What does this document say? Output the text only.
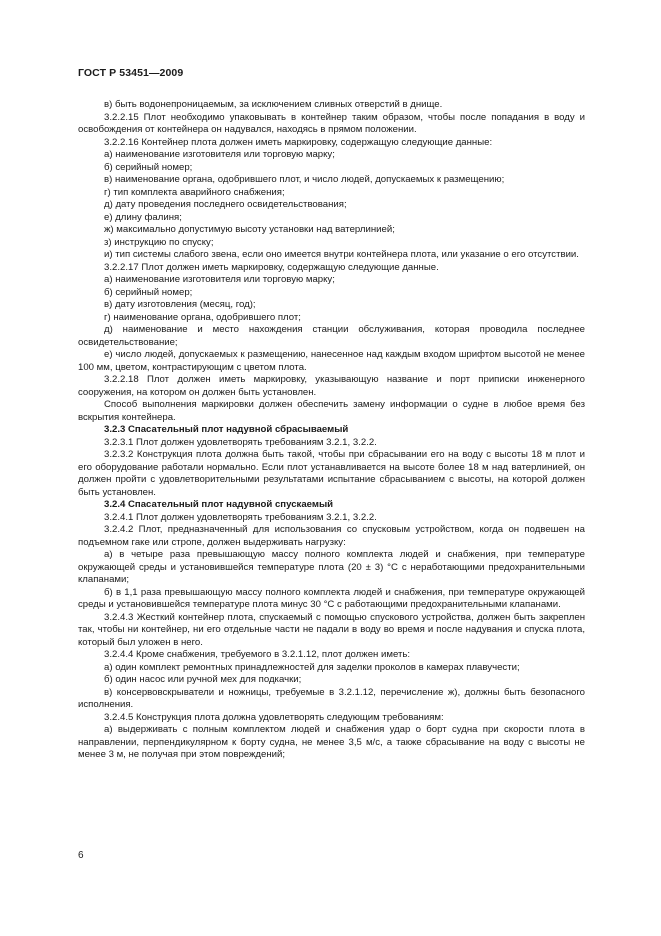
ГОСТ Р 53451—2009

в) быть водонепроницаемым, за исключением сливных отверстий в днище.

3.2.2.15 Плот необходимо упаковывать в контейнер таким образом, чтобы после попадания в воду и освобождения от контейнера он надувался, находясь в прямом положении.

3.2.2.16 Контейнер плота должен иметь маркировку, содержащую следующие данные:

а) наименование изготовителя или торговую марку;

б) серийный номер;

в) наименование органа, одобрившего плот, и число людей, допускаемых к размещению;

г) тип комплекта аварийного снабжения;

д) дату проведения последнего освидетельствования;

е) длину фалиня;

ж) максимально допустимую высоту установки над ватерлинией;

з) инструкцию по спуску;

и) тип системы слабого звена, если оно имеется внутри контейнера плота, или указание о его отсутствии.

3.2.2.17 Плот должен иметь маркировку, содержащую следующие данные.

а) наименование изготовителя или торговую марку;

б) серийный номер;

в) дату изготовления (месяц, год);

г) наименование органа, одобрившего плот;

д) наименование и место нахождения станции обслуживания, которая проводила последнее освидетельствование;

е) число людей, допускаемых к размещению, нанесенное над каждым входом шрифтом высотой не менее 100 мм, цветом, контрастирующим с цветом плота.

3.2.2.18 Плот должен иметь маркировку, указывающую название и порт приписки инженерного сооружения, на котором он должен быть установлен.

Способ выполнения маркировки должен обеспечить замену информации о судне в любое время без вскрытия контейнера.

3.2.3 Спасательный плот надувной сбрасываемый

3.2.3.1 Плот должен удовлетворять требованиям 3.2.1, 3.2.2.

3.2.3.2 Конструкция плота должна быть такой, чтобы при сбрасывании его на воду с высоты 18 м плот и его оборудование работали нормально. Если плот устанавливается на высоте более 18 м над ватерлинией, он должен пройти с удовлетворительными результатами испытание сбрасыванием с высоты, на которой должен быть установлен.

3.2.4 Спасательный плот надувной спускаемый

3.2.4.1 Плот должен удовлетворять требованиям 3.2.1, 3.2.2.

3.2.4.2 Плот, предназначенный для использования со спусковым устройством, когда он подвешен на подъемном гаке или стропе, должен выдерживать нагрузку:

а) в четыре раза превышающую массу полного комплекта людей и снабжения, при температуре окружающей среды и установившейся температуре плота (20 ± 3) °С с неработающими предохранительными клапанами;

б) в 1,1 раза превышающую массу полного комплекта людей и снабжения, при температуре окружающей среды и установившейся температуре плота минус 30 °С с работающими предохранительными клапанами.

3.2.4.3 Жесткий контейнер плота, спускаемый с помощью спускового устройства, должен быть закреплен так, чтобы ни контейнер, ни его отдельные части не падали в воду во время и после надувания и спуска плота, который был уложен в него.

3.2.4.4 Кроме снабжения, требуемого в 3.2.1.12, плот должен иметь:

а) один комплект ремонтных принадлежностей для заделки проколов в камерах плавучести;

б) один насос или ручной мех для подкачки;

в) консервовскрыватели и ножницы, требуемые в 3.2.1.12, перечисление ж), должны быть безопасного исполнения.

3.2.4.5 Конструкция плота должна удовлетворять следующим требованиям:

а) выдерживать с полным комплектом людей и снабжения удар о борт судна при скорости плота в направлении, перпендикулярном к борту судна, не менее 3,5 м/с, а также сбрасывание на воду с высоты не менее 3 м, не получая при этом повреждений;

6
